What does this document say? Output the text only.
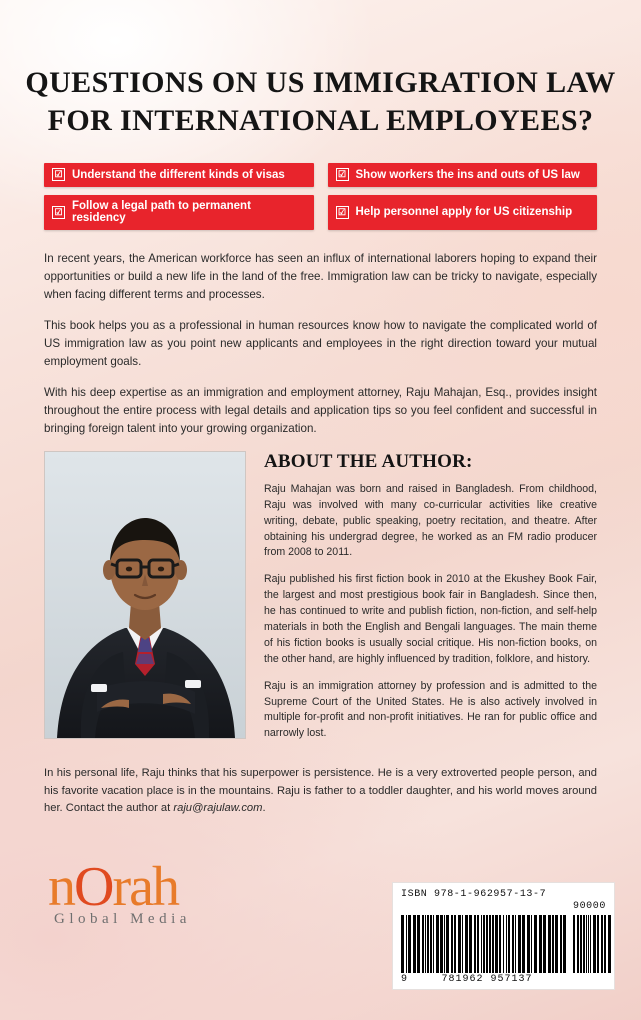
QUESTIONS ON US IMMIGRATION LAW
FOR INTERNATIONAL EMPLOYEES?
☑ Understand the different kinds of visas	☑ Show workers the ins and outs of US law
☑ Follow a legal path to permanent residency
☑ Help personnel apply for US citizenship

In recent years, the American workforce has seen an influx of international laborers hoping to expand their opportunities or build a new life in the land of the free. Immigration law can be tricky to navigate, especially when facing different terms and processes.

This book helps you as a professional in human resources know how to navigate the complicated world of US immigration law as you point new applicants and employees in the right direction toward your mutual employment goals.

With his deep expertise as an immigration and employment attorney, Raju Mahajan, Esq., provides insight throughout the entire process with legal details and application tips so you feel confident and successful in bringing foreign talent into your growing organization.

ABOUT THE AUTHOR:

Raju Mahajan was born and raised in Bangladesh. From childhood, Raju was involved with many co-curricular activities like creative writing, debate, public speaking, poetry recitation, and theatre. After obtaining his undergrad degree, he worked as an FM radio producer from 2008 to 2011.

Raju published his first fiction book in 2010 at the Ekushey Book Fair, the largest and most prestigious book fair in Bangladesh. Since then, he has continued to write and publish fiction, non-fiction, and self-help materials in both the English and Bengali languages. The main theme of his fiction books is usually social critique. His non-fiction books, on the other hand, are highly influenced by tradition, folklore, and history.

Raju is an immigration attorney by profession and is admitted to the Supreme Court of the United States. He is also actively involved in multiple for-profit and non-profit initiatives. He ran for public office and narrowly lost.

In his personal life, Raju thinks that his superpower is persistence. He is a very extroverted people person, and his favorite vacation place is in the mountains. Raju is father to a toddler daughter, and his world moves around her. Contact the author at raju@rajulaw.com.

nOrah
Global Media
ISBN 978-1-962957-13-7
90000
9	781962 957137
